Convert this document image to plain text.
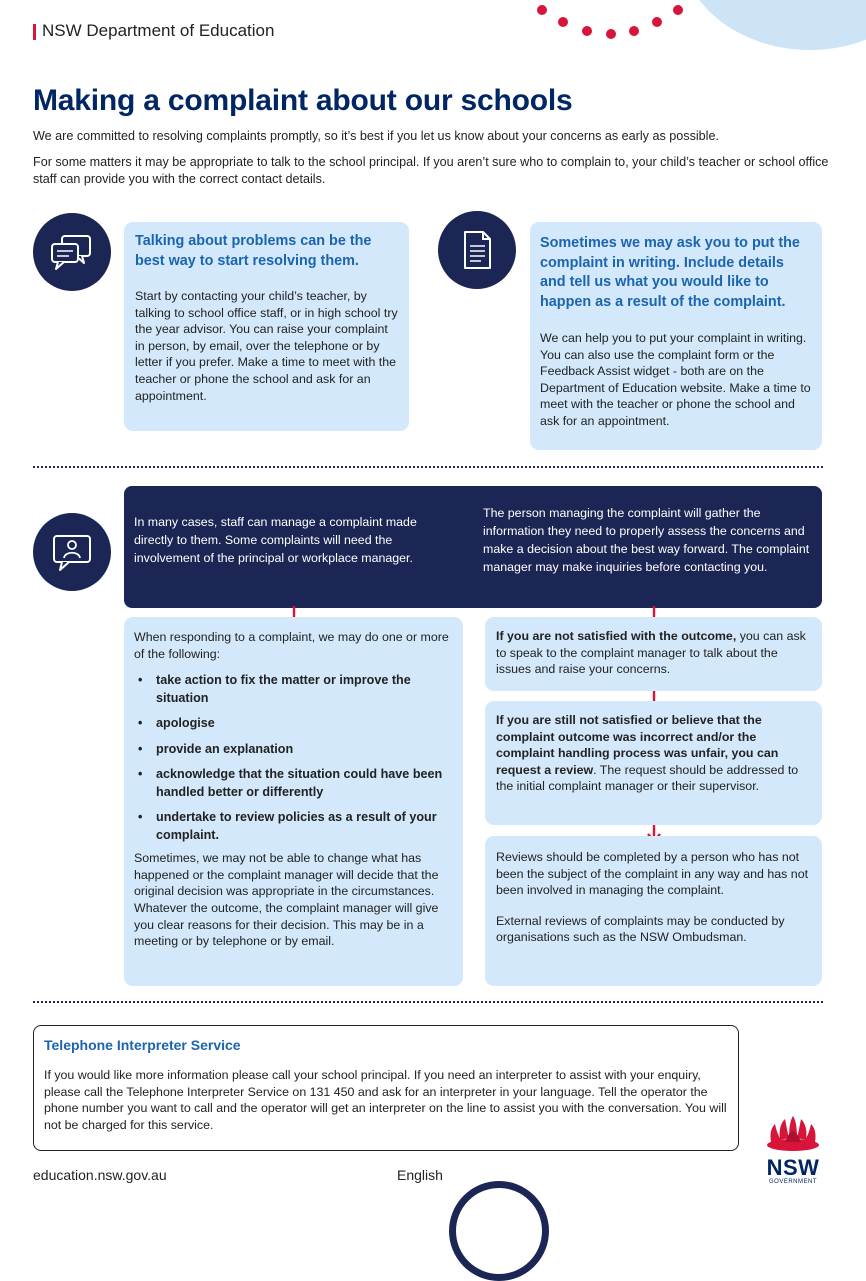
NSW Department of Education
Making a complaint about our schools

We are committed to resolving complaints promptly, so it’s best if you let us know about your concerns as early as possible.

For some matters it may be appropriate to talk to the school principal. If you aren’t sure who to complain to, your child’s teacher or school office staff can provide you with the correct contact details.

Talking about problems can be the best way to start resolving them.

Start by contacting your child’s teacher, by talking to school office staff, or in high school try the year advisor. You can raise your complaint in person, by email, over the telephone or by letter if you prefer. Make a time to meet with the teacher or phone the school and ask for an appointment.

Sometimes we may ask you to put the complaint in writing. Include details and tell us what you would like to happen as a result of the complaint.

We can help you to put your complaint in writing. You can also use the complaint form or the Feedback Assist widget - both are on the Department of Education website. Make a time to meet with the teacher or phone the school and ask for an appointment.

In many cases, staff can manage a complaint made directly to them. Some complaints will need the involvement of the principal or workplace manager.

The person managing the complaint will gather the information they need to properly assess the concerns and make a decision about the best way forward. The complaint manager may make inquiries before contacting you.

When responding to a complaint, we may do one or more of the following:

• take action to fix the matter or improve the situation
• apologise
• provide an explanation
• acknowledge that the situation could have been handled better or differently
• undertake to review policies as a result of your complaint.

Sometimes, we may not be able to change what has happened or the complaint manager will decide that the original decision was appropriate in the circumstances. Whatever the outcome, the complaint manager will give you clear reasons for their decision. This may be in a meeting or by telephone or by email.

If you are not satisfied with the outcome, you can ask to speak to the complaint manager to talk about the issues and raise your concerns.

If you are still not satisfied or believe that the complaint outcome was incorrect and/or the complaint handling process was unfair, you can request a review. The request should be addressed to the initial complaint manager or their supervisor.

Reviews should be completed by a person who has not been the subject of the complaint in any way and has not been involved in managing the complaint.

External reviews of complaints may be conducted by organisations such as the NSW Ombudsman.

Telephone Interpreter Service

If you would like more information please call your school principal. If you need an interpreter to assist with your enquiry, please call the Telephone Interpreter Service on 131 450 and ask for an interpreter in your language. Tell the operator the phone number you want to call and the operator will get an interpreter on the line to assist you with the conversation. You will not be charged for this service.

NSW
GOVERNMENT
education.nsw.gov.au	English
